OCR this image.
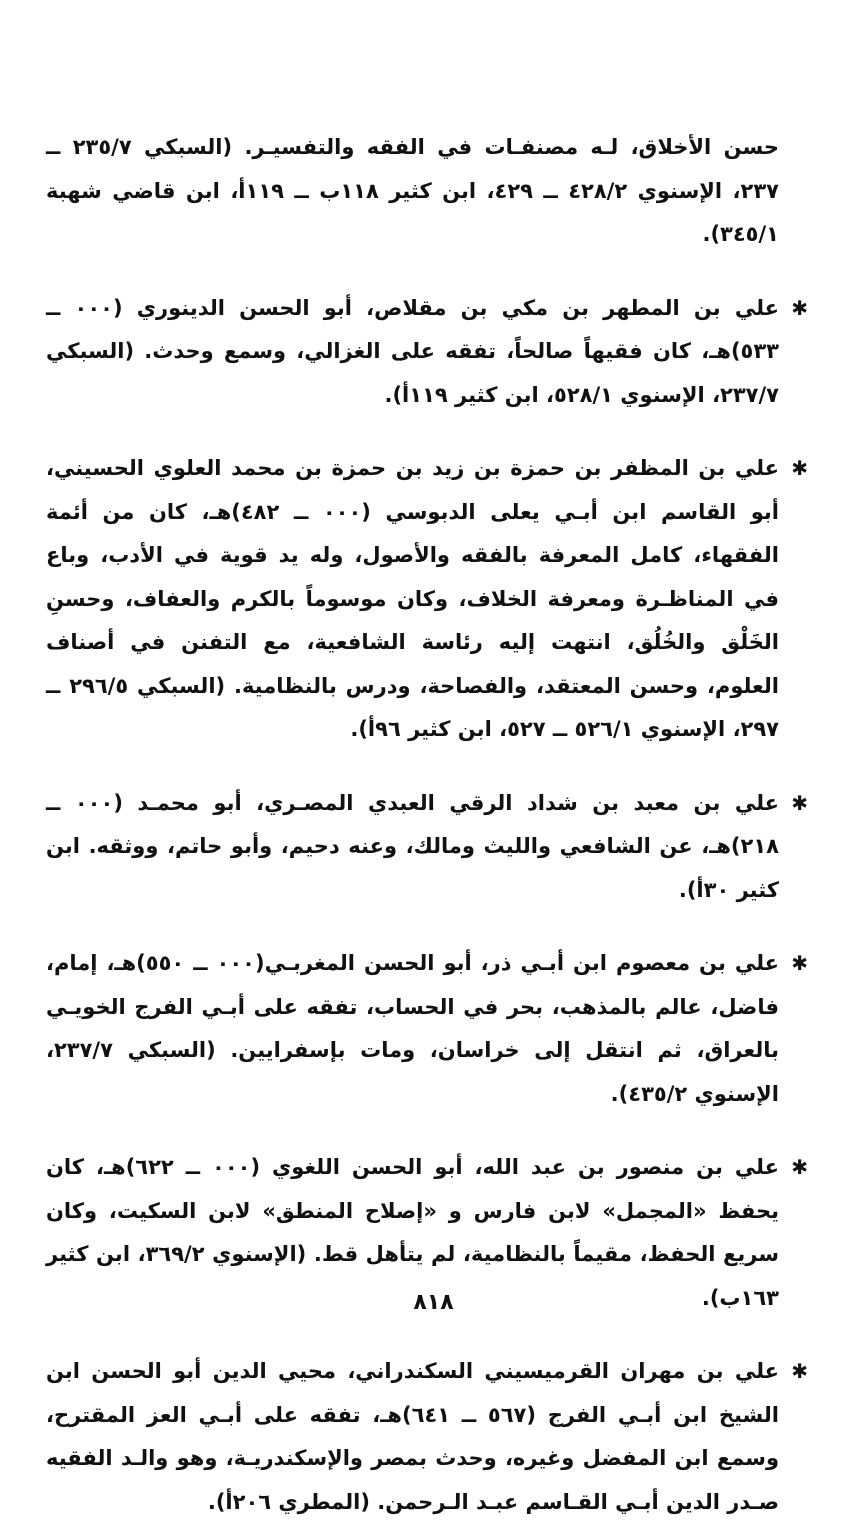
حسن الأخلاق، لـه مصنفـات في الفقه والتفسيـر. (السبكي ٢٣٥/٧ ــ ٢٣٧، الإسنوي ٤٢٨/٢ ــ ٤٢٩، ابن كثير ١١٨ب ــ ١١٩أ، ابن قاضي شهبة ٣٤٥/١).
✱
علي بن المطهر بن مكي بن مقلاص، أبو الحسن الدينوري (٠٠٠ ــ ٥٣٣)هـ، كان فقيهاً صالحاً، تفقه على الغزالي، وسمع وحدث. (السبكي ٢٣٧/٧، الإسنوي ٥٢٨/١، ابن كثير ١١٩أ).
✱
علي بن المظفر بن حمزة بن زيد بن حمزة بن محمد العلوي الحسيني، أبو القاسم ابن أبـي يعلى الدبوسي (٠٠٠ ــ ٤٨٢)هـ، كان من أئمة الفقهاء، كامل المعرفة بالفقه والأصول، وله يد قوية في الأدب، وباع في المناظـرة ومعرفة الخلاف، وكان موسوماً بالكرم والعفاف، وحسنِ الخَلْق والخُلُق، انتهت إليه رئاسة الشافعية، مع التفنن في أصناف العلوم، وحسن المعتقد، والفصاحة، ودرس بالنظامية. (السبكي ٢٩٦/٥ ــ ٢٩٧، الإسنوي ٥٢٦/١ ــ ٥٢٧، ابن كثير ٩٦أ).
✱
علي بن معبد بن شداد الرقي العبدي المصـري، أبو محمـد (٠٠٠ ــ ٢١٨)هـ، عن الشافعي والليث ومالك، وعنه دحيم، وأبو حاتم، ووثقه. ابن كثير ٣٠أ).
✱
علي بن معصوم ابن أبـي ذر، أبو الحسن المغربـي(٠٠٠ ــ ٥٥٠)هـ، إمام، فاضل، عالم بالمذهب، بحر في الحساب، تفقه على أبـي الفرج الخويـي بالعراق، ثم انتقل إلى خراسان، ومات بإسفرايين. (السبكي ٢٣٧/٧، الإسنوي ٤٣٥/٢).
✱
علي بن منصور بن عبد الله، أبو الحسن اللغوي (٠٠٠ ــ ٦٢٢)هـ، كان يحفظ «المجمل» لابن فارس و «إصلاح المنطق» لابن السكيت، وكان سريع الحفظ، مقيماً بالنظامية، لم يتأهل قط. (الإسنوي ٣٦٩/٢، ابن كثير ١٦٣ب).
✱
علي بن مهران القرميسيني السكندراني، محيي الدين أبو الحسن ابن الشيخ ابن أبـي الفرج (٥٦٧ ــ ٦٤١)هـ، تفقه على أبـي العز المقترح، وسمع ابن المفضل وغيره، وحدث بمصر والإسكندريـة، وهو والـد الفقيه صـدر الدين أبـي القـاسم عبـد الـرحمن. (المطري ٢٠٦أ).
٨١٨
